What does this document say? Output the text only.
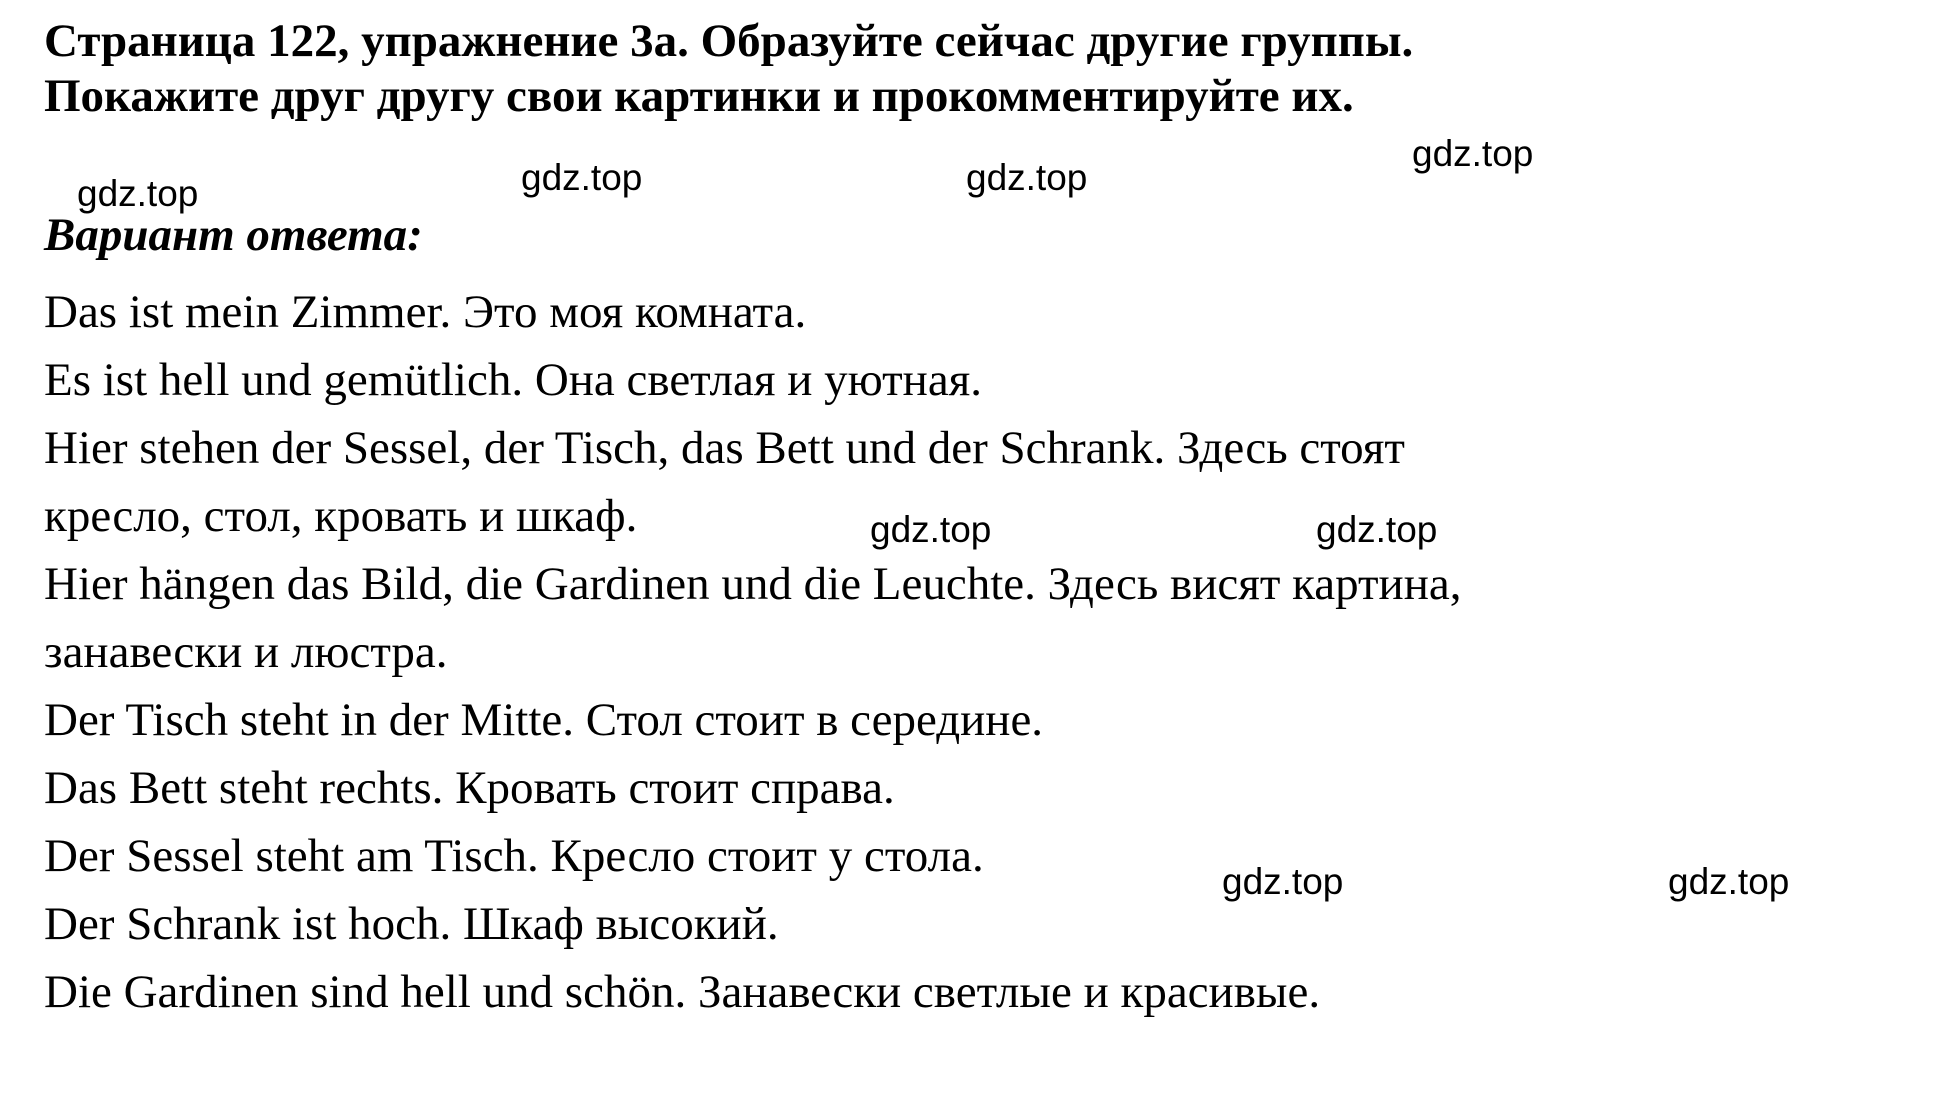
Страница 122, упражнение 3а. Образуйте сейчас другие группы.
Покажите друг другу свои картинки и прокомментируйте их.
Вариант ответа:
Das ist mein Zimmer. Это моя комната.
Es ist hell und gemütlich. Она светлая и уютная.
Hier stehen der Sessel, der Tisch, das Bett und der Schrank. Здесь стоят
кресло, стол, кровать и шкаф.
Hier hängen das Bild, die Gardinen und die Leuchte. Здесь висят картина,
занавески и люстра.
Der Tisch steht in der Mitte. Стол стоит в середине.
Das Bett steht rechts. Кровать стоит справа.
Der Sessel steht am Tisch. Кресло стоит у стола.
Der Schrank ist hoch. Шкаф высокий.
Die Gardinen sind hell und schön. Занавески светлые и красивые.
gdz.top	gdz.top	gdz.top
gdz.top
gdz.top	gdz.top
gdz.top	gdz.top
